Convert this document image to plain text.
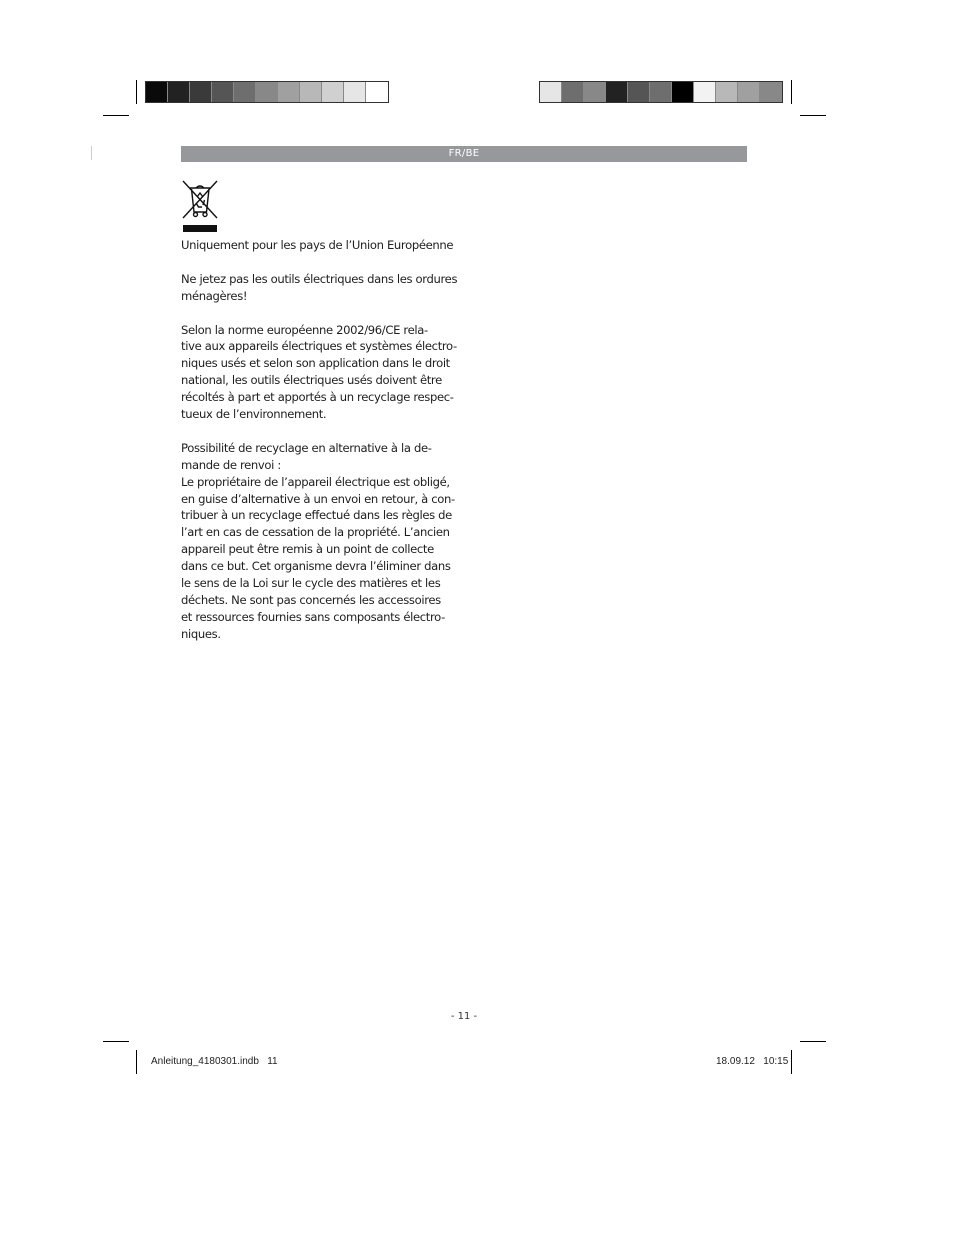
FR/BE

Uniquement pour les pays de l’Union Européenne

Ne jetez pas les outils électriques dans les ordures
ménagères!

Selon la norme européenne 2002/96/CE rela-
tive aux appareils électriques et systèmes électro-
niques usés et selon son application dans le droit
national, les outils électriques usés doivent être
récoltés à part et apportés à un recyclage respec-
tueux de l’environnement.

Possibilité de recyclage en alternative à la de-
mande de renvoi :
Le propriétaire de l’appareil électrique est obligé,
en guise d’alternative à un envoi en retour, à con-
tribuer à un recyclage effectué dans les règles de
l’art en cas de cessation de la propriété. L’ancien
appareil peut être remis à un point de collecte
dans ce but. Cet organisme devra l’éliminer dans
le sens de la Loi sur le cycle des matières et les
déchets. Ne sont pas concernés les accessoires
et ressources fournies sans composants électro-
niques.

- 11 -
Anleitung_4180301.indb   11	18.09.12   10:15
